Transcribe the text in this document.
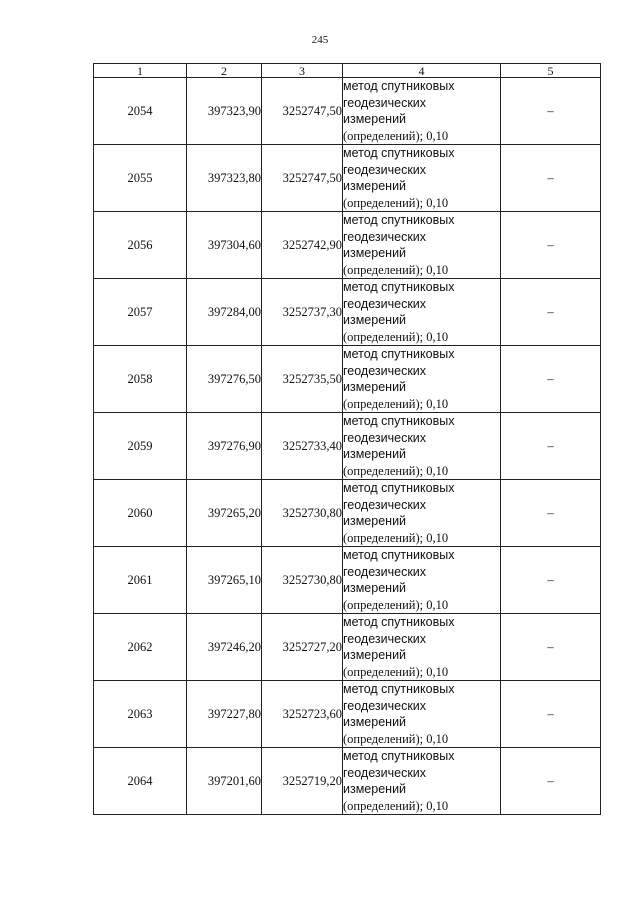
245
1	2	3	4	5
2054	397323,90	3252747,50	метод спутниковых
геодезических
измерений
(определений); 0,10	–
2055	397323,80	3252747,50	метод спутниковых
геодезических
измерений
(определений); 0,10	–
2056	397304,60	3252742,90	метод спутниковых
геодезических
измерений
(определений); 0,10	–
2057	397284,00	3252737,30	метод спутниковых
геодезических
измерений
(определений); 0,10	–
2058	397276,50	3252735,50	метод спутниковых
геодезических
измерений
(определений); 0,10	–
2059	397276,90	3252733,40	метод спутниковых
геодезических
измерений
(определений); 0,10	–
2060	397265,20	3252730,80	метод спутниковых
геодезических
измерений
(определений); 0,10	–
2061	397265,10	3252730,80	метод спутниковых
геодезических
измерений
(определений); 0,10	–
2062	397246,20	3252727,20	метод спутниковых
геодезических
измерений
(определений); 0,10	–
2063	397227,80	3252723,60	метод спутниковых
геодезических
измерений
(определений); 0,10	–
2064	397201,60	3252719,20	метод спутниковых
геодезических
измерений
(определений); 0,10	–
